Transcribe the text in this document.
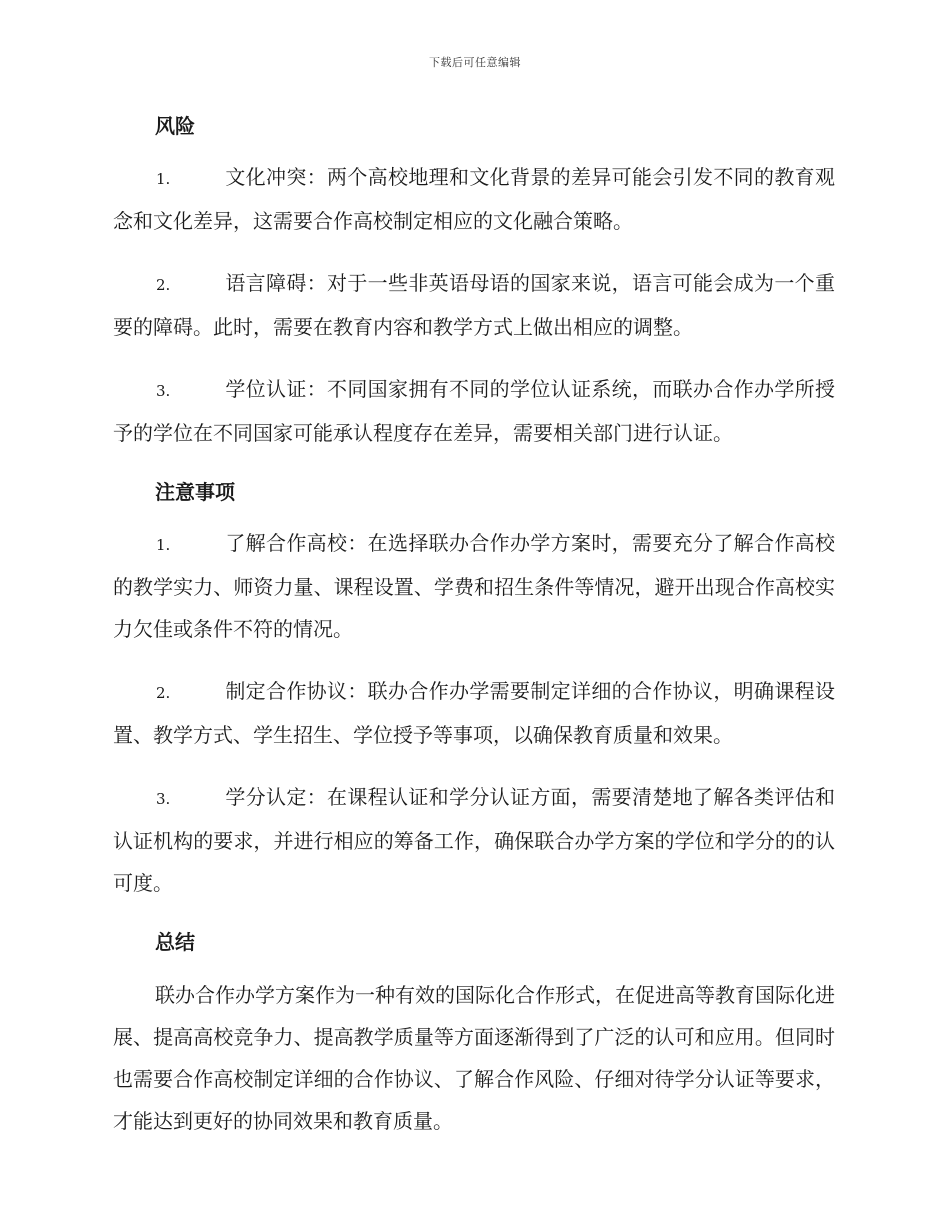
下载后可任意编辑
风险

1.	文化冲突：两个高校地理和文化背景的差异可能会引发不同的教育观念和文化差异，这需要合作高校制定相应的文化融合策略。

2.	语言障碍：对于一些非英语母语的国家来说，语言可能会成为一个重要的障碍。此时，需要在教育内容和教学方式上做出相应的调整。

3.	学位认证：不同国家拥有不同的学位认证系统，而联办合作办学所授予的学位在不同国家可能承认程度存在差异，需要相关部门进行认证。

注意事项

1.	了解合作高校：在选择联办合作办学方案时，需要充分了解合作高校的教学实力、师资力量、课程设置、学费和招生条件等情况，避开出现合作高校实力欠佳或条件不符的情况。

2.	制定合作协议：联办合作办学需要制定详细的合作协议，明确课程设置、教学方式、学生招生、学位授予等事项，以确保教育质量和效果。

3.	学分认定：在课程认证和学分认证方面，需要清楚地了解各类评估和认证机构的要求，并进行相应的筹备工作，确保联合办学方案的学位和学分的的认可度。

总结

联办合作办学方案作为一种有效的国际化合作形式，在促进高等教育国际化进展、提高高校竞争力、提高教学质量等方面逐渐得到了广泛的认可和应用。但同时也需要合作高校制定详细的合作协议、了解合作风险、仔细对待学分认证等要求，才能达到更好的协同效果和教育质量。
